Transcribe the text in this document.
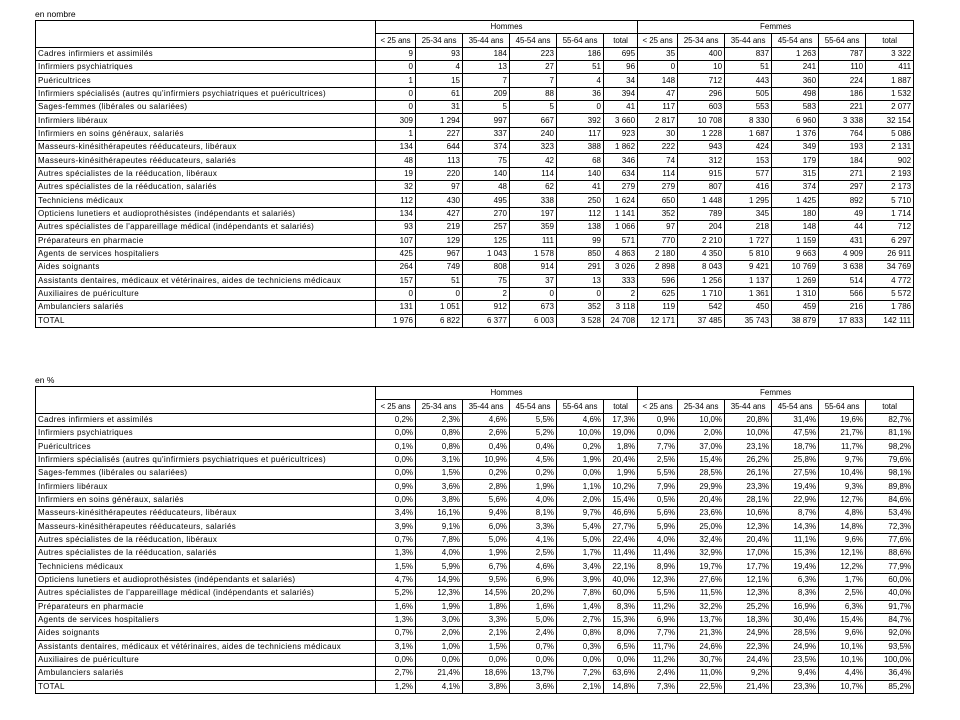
en nombre
	Hommes						Femmes					
	< 25 ans	25-34 ans	35-44 ans	45-54 ans	55-64 ans	total	< 25 ans	25-34 ans	35-44 ans	45-54 ans	55-64 ans	total
Cadres infirmiers et assimilés	9	93	184	223	186	695	35	400	837	1 263	787	3 322
Infirmiers psychiatriques	0	4	13	27	51	96	0	10	51	241	110	411
Puéricultrices	1	15	7	7	4	34	148	712	443	360	224	1 887
Infirmiers spécialisés (autres qu'infirmiers psychiatriques et puéricultrices)	0	61	209	88	36	394	47	296	505	498	186	1 532
Sages-femmes (libérales ou salariées)	0	31	5	5	0	41	117	603	553	583	221	2 077
Infirmiers libéraux	309	1 294	997	667	392	3 660	2 817	10 708	8 330	6 960	3 338	32 154
Infirmiers en soins généraux, salariés	1	227	337	240	117	923	30	1 228	1 687	1 376	764	5 086
Masseurs-kinésithérapeutes rééducateurs, libéraux	134	644	374	323	388	1 862	222	943	424	349	193	2 131
Masseurs-kinésithérapeutes rééducateurs, salariés	48	113	75	42	68	346	74	312	153	179	184	902
Autres spécialistes de la rééducation, libéraux	19	220	140	114	140	634	114	915	577	315	271	2 193
Autres spécialistes de la rééducation, salariés	32	97	48	62	41	279	279	807	416	374	297	2 173
Techniciens médicaux	112	430	495	338	250	1 624	650	1 448	1 295	1 425	892	5 710
Opticiens lunetiers et audioprothésistes (indépendants et salariés)	134	427	270	197	112	1 141	352	789	345	180	49	1 714
Autres spécialistes de l'appareillage médical (indépendants et salariés)	93	219	257	359	138	1 066	97	204	218	148	44	712
Préparateurs en pharmacie	107	129	125	111	99	571	770	2 210	1 727	1 159	431	6 297
Agents de services hospitaliers	425	967	1 043	1 578	850	4 863	2 180	4 350	5 810	9 663	4 909	26 911
Aides soignants	264	749	808	914	291	3 026	2 898	8 043	9 421	10 769	3 638	34 769
Assistants dentaires, médicaux et vétérinaires, aides de techniciens médicaux	157	51	75	37	13	333	596	1 256	1 137	1 269	514	4 772
Auxiliaires de puériculture	0	0	2	0	0	2	625	1 710	1 361	1 310	566	5 572
Ambulanciers salariés	131	1 051	912	673	352	3 118	119	542	450	459	216	1 786
TOTAL	1 976	6 822	6 377	6 003	3 528	24 708	12 171	37 485	35 743	38 879	17 833	142 111
en %
	Hommes						Femmes					
	< 25 ans	25-34 ans	35-44 ans	45-54 ans	55-64 ans	total	< 25 ans	25-34 ans	35-44 ans	45-54 ans	55-64 ans	total
Cadres infirmiers et assimilés	0,2%	2,3%	4,6%	5,5%	4,6%	17,3%	0,9%	10,0%	20,8%	31,4%	19,6%	82,7%
Infirmiers psychiatriques	0,0%	0,8%	2,6%	5,2%	10,0%	19,0%	0,0%	2,0%	10,0%	47,5%	21,7%	81,1%
Puéricultrices	0,1%	0,8%	0,4%	0,4%	0,2%	1,8%	7,7%	37,0%	23,1%	18,7%	11,7%	98,2%
Infirmiers spécialisés (autres qu'infirmiers psychiatriques et puéricultrices)	0,0%	3,1%	10,9%	4,5%	1,9%	20,4%	2,5%	15,4%	26,2%	25,8%	9,7%	79,6%
Sages-femmes (libérales ou salariées)	0,0%	1,5%	0,2%	0,2%	0,0%	1,9%	5,5%	28,5%	26,1%	27,5%	10,4%	98,1%
Infirmiers libéraux	0,9%	3,6%	2,8%	1,9%	1,1%	10,2%	7,9%	29,9%	23,3%	19,4%	9,3%	89,8%
Infirmiers en soins généraux, salariés	0,0%	3,8%	5,6%	4,0%	2,0%	15,4%	0,5%	20,4%	28,1%	22,9%	12,7%	84,6%
Masseurs-kinésithérapeutes rééducateurs, libéraux	3,4%	16,1%	9,4%	8,1%	9,7%	46,6%	5,6%	23,6%	10,6%	8,7%	4,8%	53,4%
Masseurs-kinésithérapeutes rééducateurs, salariés	3,9%	9,1%	6,0%	3,3%	5,4%	27,7%	5,9%	25,0%	12,3%	14,3%	14,8%	72,3%
Autres spécialistes de la rééducation, libéraux	0,7%	7,8%	5,0%	4,1%	5,0%	22,4%	4,0%	32,4%	20,4%	11,1%	9,6%	77,6%
Autres spécialistes de la rééducation, salariés	1,3%	4,0%	1,9%	2,5%	1,7%	11,4%	11,4%	32,9%	17,0%	15,3%	12,1%	88,6%
Techniciens médicaux	1,5%	5,9%	6,7%	4,6%	3,4%	22,1%	8,9%	19,7%	17,7%	19,4%	12,2%	77,9%
Opticiens lunetiers et audioprothésistes (indépendants et salariés)	4,7%	14,9%	9,5%	6,9%	3,9%	40,0%	12,3%	27,6%	12,1%	6,3%	1,7%	60,0%
Autres spécialistes de l'appareillage médical (indépendants et salariés)	5,2%	12,3%	14,5%	20,2%	7,8%	60,0%	5,5%	11,5%	12,3%	8,3%	2,5%	40,0%
Préparateurs en pharmacie	1,6%	1,9%	1,8%	1,6%	1,4%	8,3%	11,2%	32,2%	25,2%	16,9%	6,3%	91,7%
Agents de services hospitaliers	1,3%	3,0%	3,3%	5,0%	2,7%	15,3%	6,9%	13,7%	18,3%	30,4%	15,4%	84,7%
Aides soignants	0,7%	2,0%	2,1%	2,4%	0,8%	8,0%	7,7%	21,3%	24,9%	28,5%	9,6%	92,0%
Assistants dentaires, médicaux et vétérinaires, aides de techniciens médicaux	3,1%	1,0%	1,5%	0,7%	0,3%	6,5%	11,7%	24,6%	22,3%	24,9%	10,1%	93,5%
Auxiliaires de puériculture	0,0%	0,0%	0,0%	0,0%	0,0%	0,0%	11,2%	30,7%	24,4%	23,5%	10,1%	100,0%
Ambulanciers salariés	2,7%	21,4%	18,6%	13,7%	7,2%	63,6%	2,4%	11,0%	9,2%	9,4%	4,4%	36,4%
TOTAL	1,2%	4,1%	3,8%	3,6%	2,1%	14,8%	7,3%	22,5%	21,4%	23,3%	10,7%	85,2%
